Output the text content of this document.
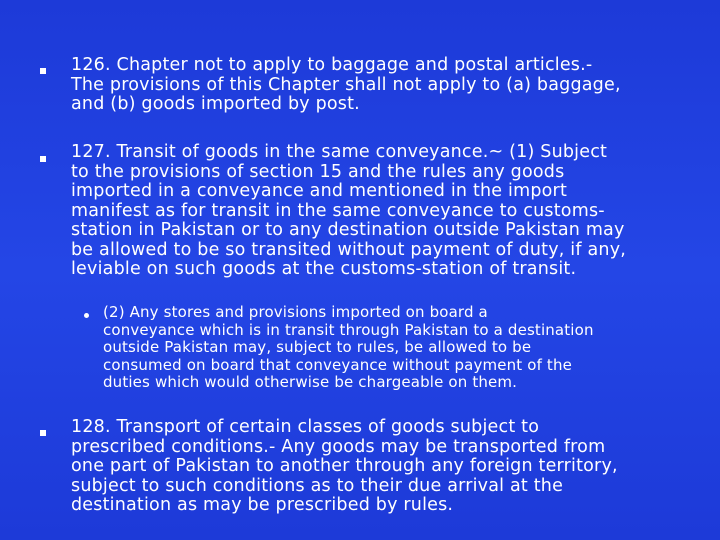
126. Chapter not to apply to baggage and postal articles.-
The provisions of this Chapter shall not apply to (a) baggage,
and (b) goods imported by post.
127. Transit of goods in the same conveyance.~ (1) Subject
to the provisions of section 15 and the rules any goods
imported in a conveyance and mentioned in the import
manifest as for transit in the same conveyance to customs-
station in Pakistan or to any destination outside Pakistan may
be allowed to be so transited without payment of duty, if any,
leviable on such goods at the customs-station of transit.
(2) Any stores and provisions imported on board a
conveyance which is in transit through Pakistan to a destination
outside Pakistan may, subject to rules, be allowed to be
consumed on board that conveyance without payment of the
duties which would otherwise be chargeable on them.
128. Transport of certain classes of goods subject to
prescribed conditions.- Any goods may be transported from
one part of Pakistan to another through any foreign territory,
subject to such conditions as to their due arrival at the
destination as may be prescribed by rules.
